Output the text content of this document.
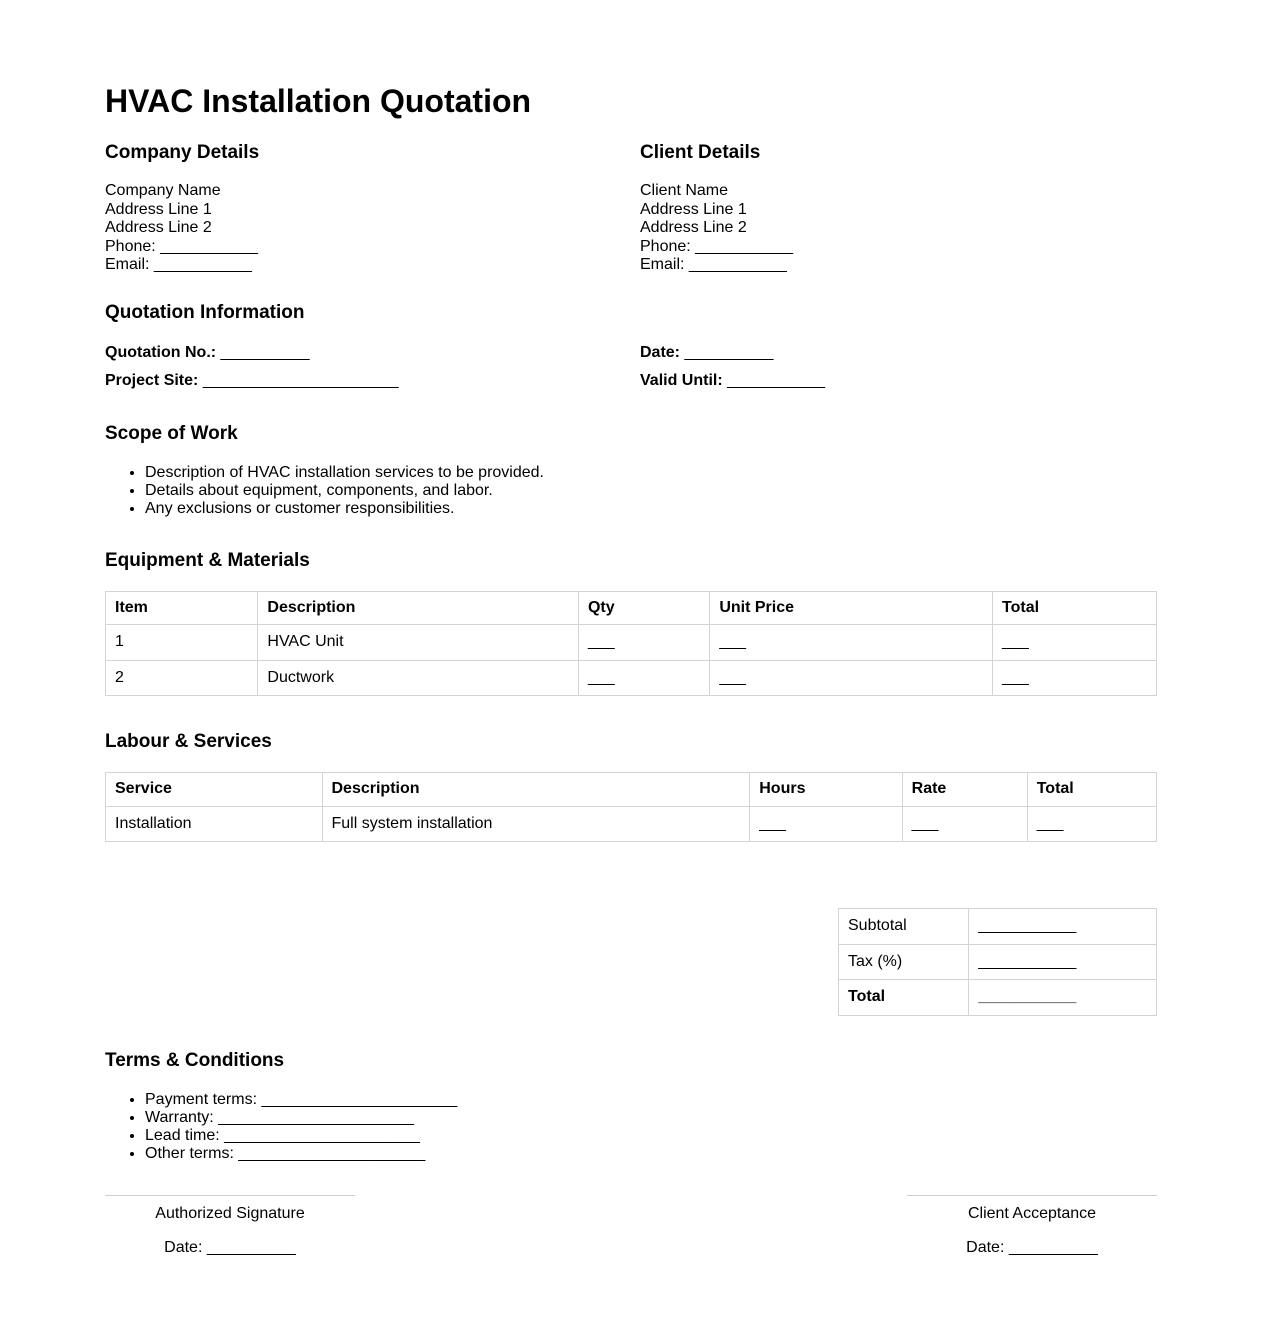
HVAC Installation Quotation
Company Details

Company Name
Address Line 1
Address Line 2
Phone: ___________
Email: ___________

Client Details

Client Name
Address Line 1
Address Line 2
Phone: ___________
Email: ___________

Quotation Information

Quotation No.: __________	Date: __________

Project Site: ______________________	Valid Until: ___________

Scope of Work
• Description of HVAC installation services to be provided.
• Details about equipment, components, and labor.
• Any exclusions or customer responsibilities.
Equipment & Materials
Item	Description	Qty	Unit Price	Total
1	HVAC Unit	___	___	___
2	Ductwork	___	___	___
Labour & Services
Service	Description	Hours	Rate	Total
Installation	Full system installation	___	___	___
Subtotal	___________
Tax (%)	___________
Total	___________
Terms & Conditions
• Payment terms: ______________________
• Warranty: ______________________
• Lead time: ______________________
• Other terms: _____________________

Authorized Signature

Date: __________

Client Acceptance

Date: __________
